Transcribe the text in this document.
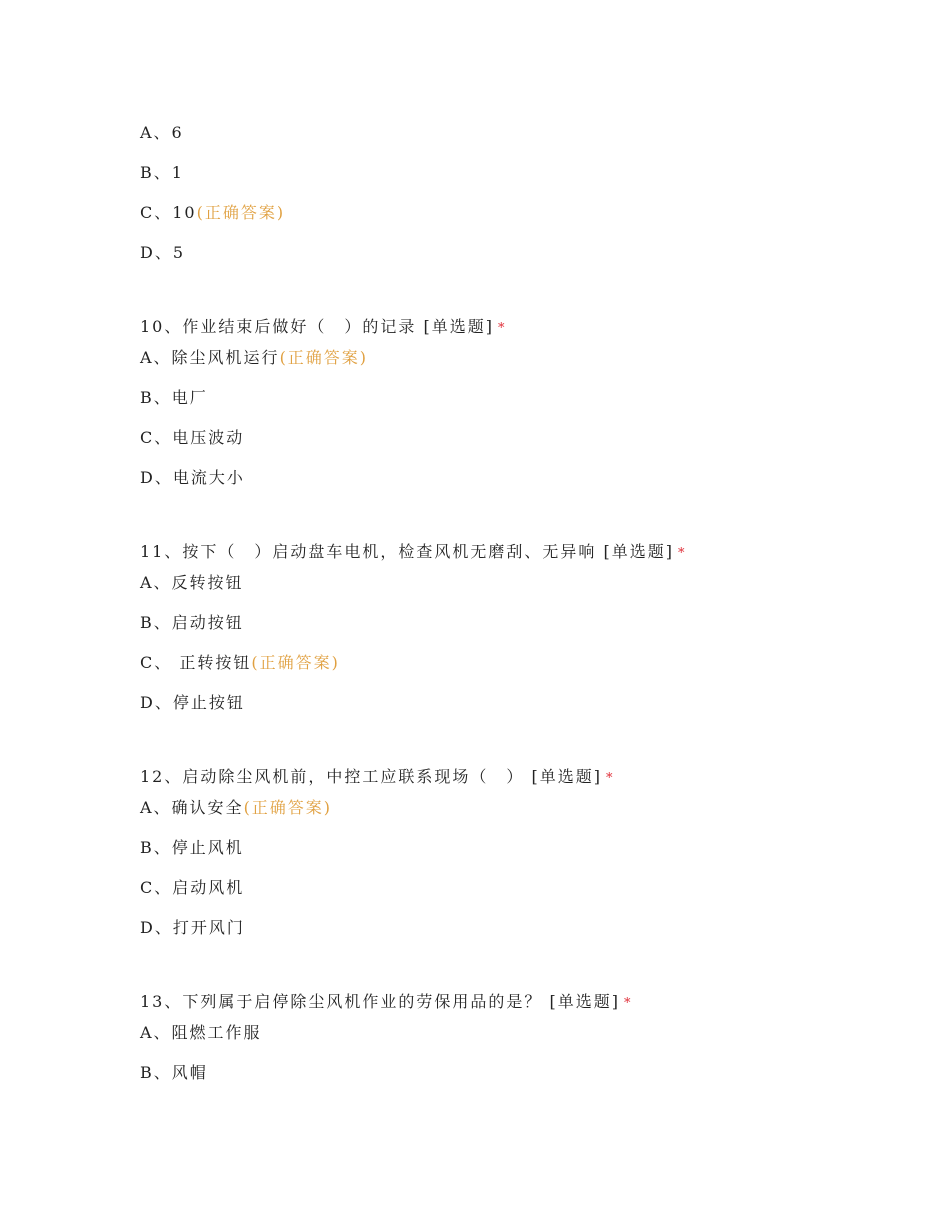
A、6
B、1
C、10(正确答案)
D、5
10、作业结束后做好（　）的记录 [单选题] *
A、除尘风机运行(正确答案)
B、电厂
C、电压波动
D、电流大小
11、按下（　）启动盘车电机，检查风机无磨刮、无异响 [单选题] *
A、反转按钮
B、启动按钮
C、 正转按钮(正确答案)
D、停止按钮
12、启动除尘风机前，中控工应联系现场（　） [单选题] *
A、确认安全(正确答案)
B、停止风机
C、启动风机
D、打开风门
13、下列属于启停除尘风机作业的劳保用品的是？ [单选题] *
A、阻燃工作服
B、风帽
